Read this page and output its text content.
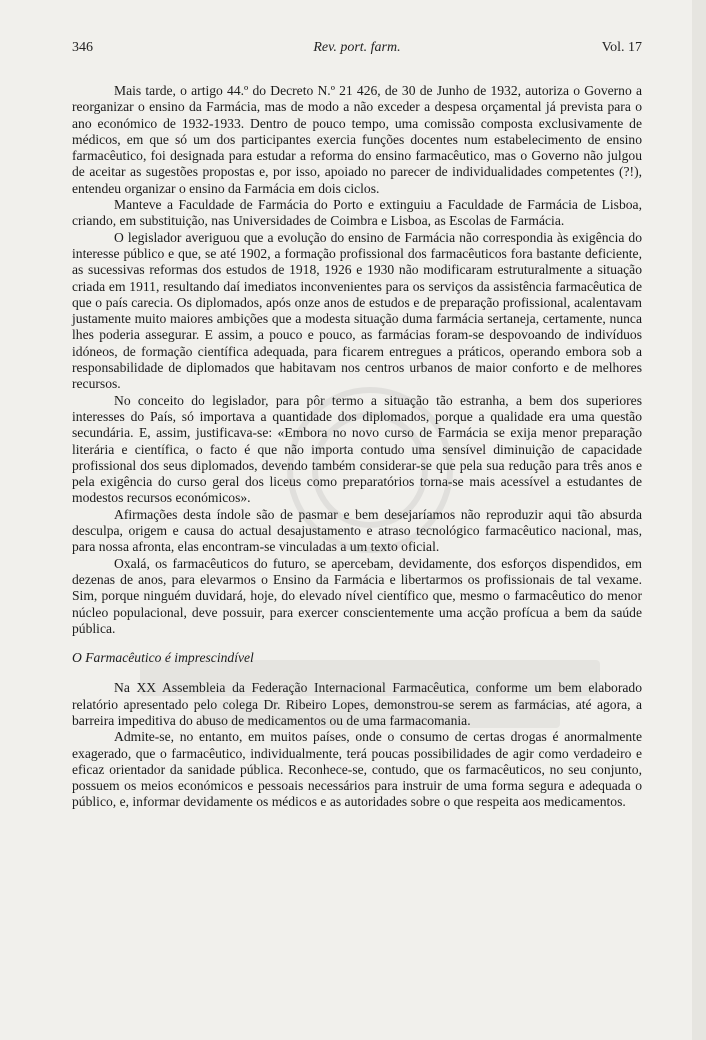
346	Rev. port. farm.	Vol. 17

Mais tarde, o artigo 44.º do Decreto N.º 21 426, de 30 de Junho de 1932, autoriza o Governo a reorganizar o ensino da Farmácia, mas de modo a não exceder a despesa orçamental já prevista para o ano económico de 1932-1933. Dentro de pouco tempo, uma comissão composta exclusivamente de médicos, em que só um dos participantes exercia funções docentes num estabelecimento de ensino farmacêutico, foi designada para estudar a reforma do ensino farmacêutico, mas o Governo não julgou de aceitar as sugestões propostas e, por isso, apoiado no parecer de individualidades competentes (?!), entendeu organizar o ensino da Farmácia em dois ciclos.

Manteve a Faculdade de Farmácia do Porto e extinguiu a Faculdade de Farmácia de Lisboa, criando, em substituição, nas Universidades de Coimbra e Lisboa, as Escolas de Farmácia.

O legislador averiguou que a evolução do ensino de Farmácia não correspondia às exigência do interesse público e que, se até 1902, a formação profissional dos farmacêuticos fora bastante deficiente, as sucessivas reformas dos estudos de 1918, 1926 e 1930 não modificaram estruturalmente a situação criada em 1911, resultando daí imediatos inconvenientes para os serviços da assistência farmacêutica de que o país carecia. Os diplomados, após onze anos de estudos e de preparação profissional, acalentavam justamente muito maiores ambições que a modesta situação duma farmácia sertaneja, certamente, nunca lhes poderia assegurar. E assim, a pouco e pouco, as farmácias foram-se despovoando de indivíduos idóneos, de formação científica adequada, para ficarem entregues a práticos, operando embora sob a responsabilidade de diplomados que habitavam nos centros urbanos de maior conforto e de melhores recursos.

No conceito do legislador, para pôr termo a situação tão estranha, a bem dos superiores interesses do País, só importava a quantidade dos diplomados, porque a qualidade era uma questão secundária. E, assim, justificava-se: «Embora no novo curso de Farmácia se exija menor preparação literária e científica, o facto é que não importa contudo uma sensível diminuição de capacidade profissional dos seus diplomados, devendo também considerar-se que pela sua redução para três anos e pela exigência do curso geral dos liceus como preparatórios torna-se mais acessível a estudantes de modestos recursos económicos».

Afirmações desta índole são de pasmar e bem desejaríamos não reproduzir aqui tão absurda desculpa, origem e causa do actual desajustamento e atraso tecnológico farmacêutico nacional, mas, para nossa afronta, elas encontram-se vinculadas a um texto oficial.

Oxalá, os farmacêuticos do futuro, se apercebam, devidamente, dos esforços dispendidos, em dezenas de anos, para elevarmos o Ensino da Farmácia e libertarmos os profissionais de tal vexame. Sim, porque ninguém duvidará, hoje, do elevado nível científico que, mesmo o farmacêutico do menor núcleo populacional, deve possuir, para exercer conscientemente uma acção profícua a bem da saúde pública.

O Farmacêutico é imprescindível

Na XX Assembleia da Federação Internacional Farmacêutica, conforme um bem elaborado relatório apresentado pelo colega Dr. Ribeiro Lopes, demonstrou-se serem as farmácias, até agora, a barreira impeditiva do abuso de medicamentos ou de uma farmacomania.

Admite-se, no entanto, em muitos países, onde o consumo de certas drogas é anormalmente exagerado, que o farmacêutico, individualmente, terá poucas possibilidades de agir como verdadeiro e eficaz orientador da sanidade pública. Reconhece-se, contudo, que os farmacêuticos, no seu conjunto, possuem os meios económicos e pessoais necessários para instruir de uma forma segura e adequada o público, e, informar devidamente os médicos e as autoridades sobre o que respeita aos medicamentos.
